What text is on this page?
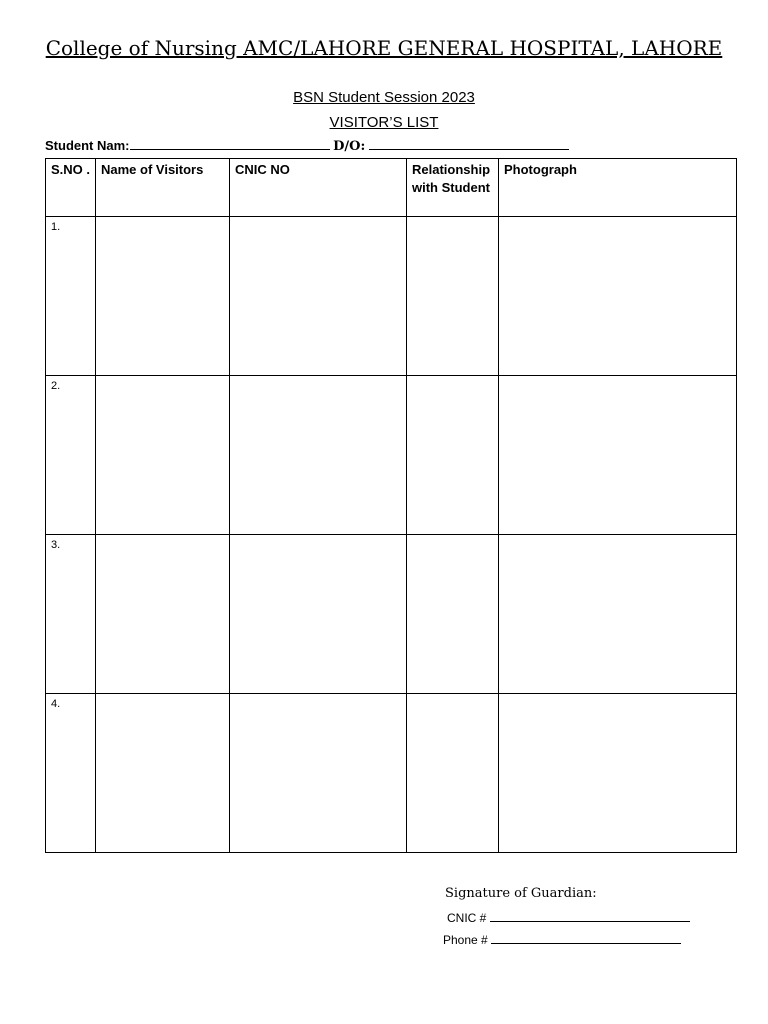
College of Nursing AMC/LAHORE GENERAL HOSPITAL, LAHORE
BSN Student Session 2023
VISITOR’S LIST
Student Nam:	D/O:
S.NO .	Name of Visitors	CNIC NO	Relationship with Student	Photograph
1.				
2.				
3.				
4.				
Signature of Guardian:
CNIC #
Phone #
